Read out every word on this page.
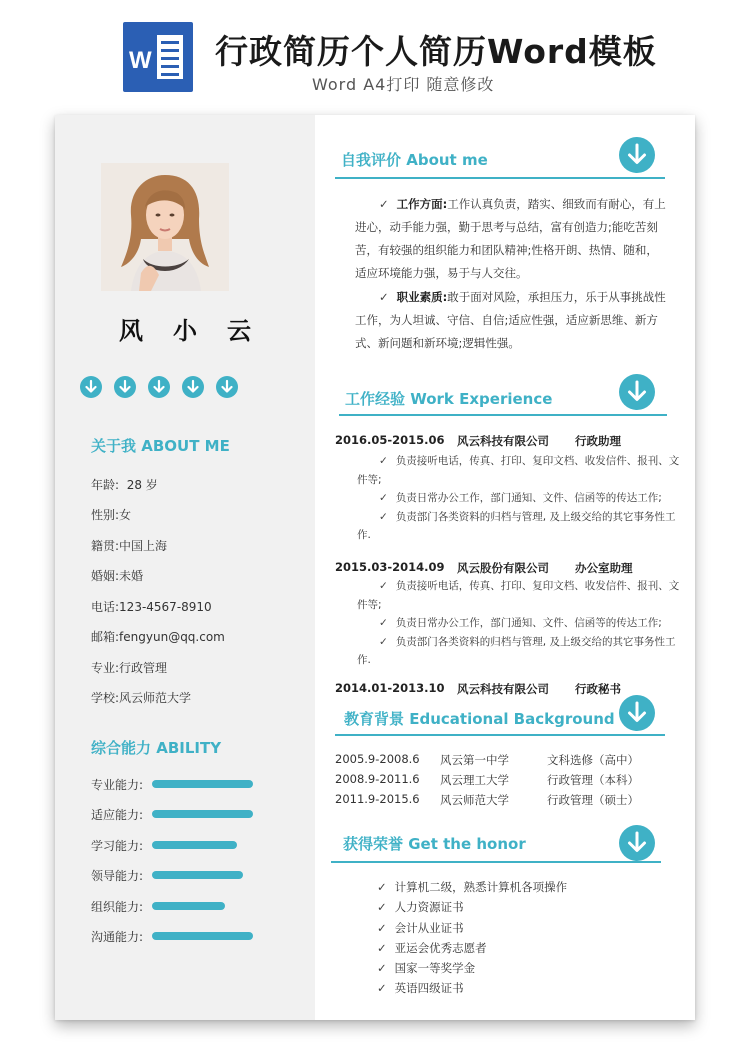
W 行政简历个人简历Word模板
Word A4打印 随意修改
风小云
关于我 ABOUT ME
年龄: 28 岁
性别:女
籍贯:中国上海
婚姻:未婚
电话:123-4567-8910
邮箱:fengyun@qq.com
专业:行政管理
学校:风云师范大学
综合能力 ABILITY
专业能力:
适应能力:
学习能力:
领导能力:
组织能力:
沟通能力:
自我评价 About me
✓ 工作方面:工作认真负责，踏实、细致而有耐心，有上进心，动手能力强，勤于思考与总结，富有创造力;能吃苦刻苦，有较强的组织能力和团队精神;性格开朗、热情、随和，适应环境能力强，易于与人交往。
✓ 职业素质:敢于面对风险，承担压力，乐于从事挑战性工作，为人坦诚、守信、自信;适应性强，适应新思维、新方式、新问题和新环境;逻辑性强。
工作经验 Work Experience
2016.05-2015.06 风云科技有限公司 行政助理
✓ 负责接听电话，传真、打印、复印文档、收发信件、报刊、文件等;
✓ 负责日常办公工作，部门通知、文件、信函等的传达工作;
✓ 负责部门各类资料的归档与管理, 及上级交给的其它事务性工作.
2015.03-2014.09 风云股份有限公司 办公室助理
✓ 负责接听电话，传真、打印、复印文档、收发信件、报刊、文件等;
✓ 负责日常办公工作，部门通知、文件、信函等的传达工作;
✓ 负责部门各类资料的归档与管理, 及上级交给的其它事务性工作.
2014.01-2013.10 风云科技有限公司 行政秘书
教育背景 Educational Background
2005.9-2008.6 风云第一中学	文科选修（高中）
2008.9-2011.6 风云理工大学	行政管理（本科）
2011.9-2015.6 风云师范大学	行政管理（硕士）
获得荣誉 Get the honor
✓ 计算机二级，熟悉计算机各项操作
✓ 人力资源证书
✓ 会计从业证书
✓ 亚运会优秀志愿者
✓ 国家一等奖学金
✓ 英语四级证书
